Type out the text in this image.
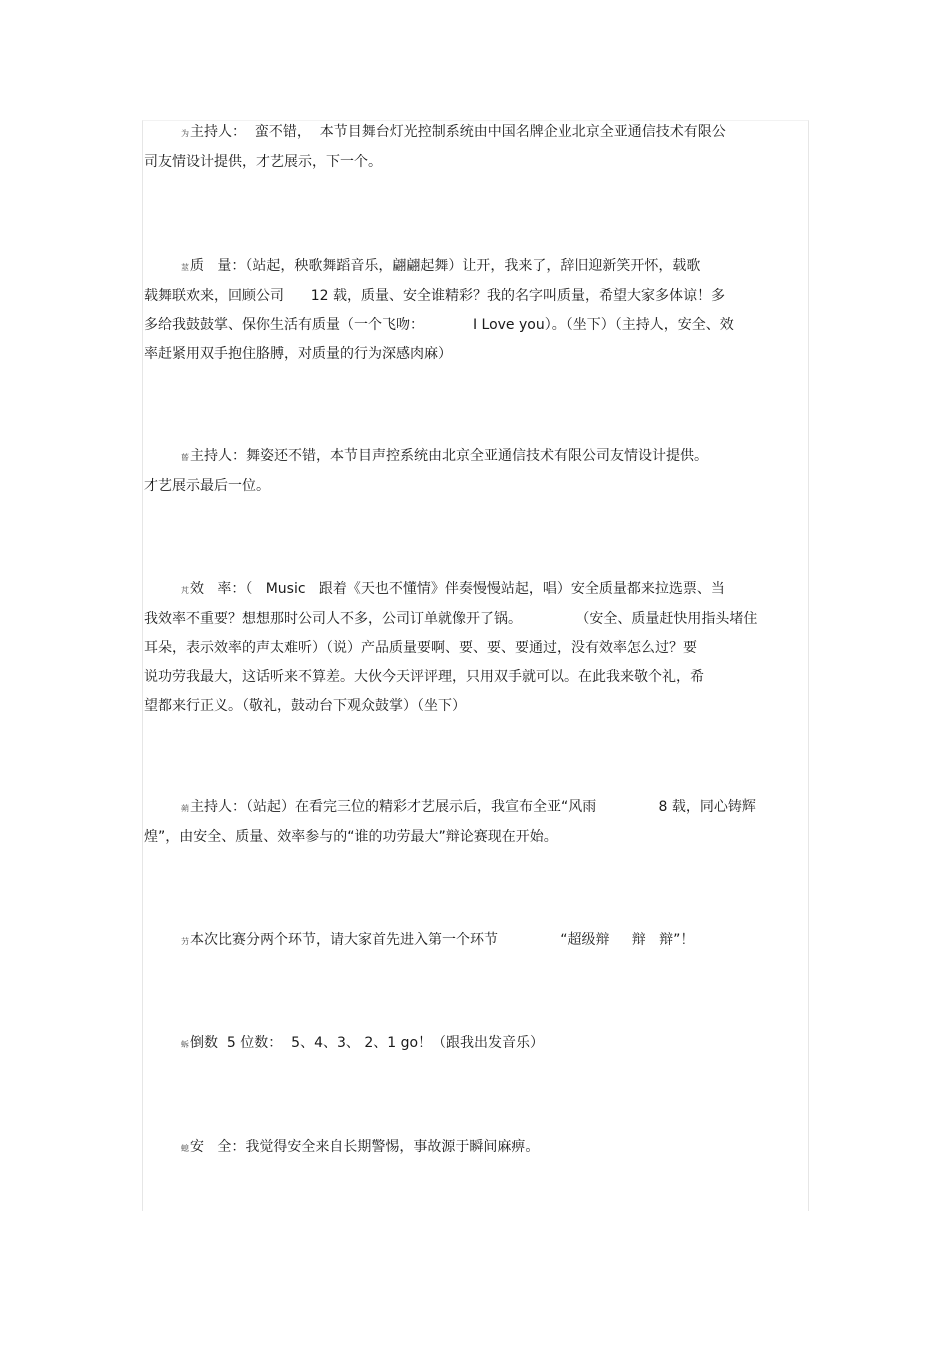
为主持人：  蛮不错，  本节目舞台灯光控制系统由中国名牌企业北京全亚通信技术有限公
司友情设计提供，才艺展示，下一个。
莁质   量：（站起，秧歌舞蹈音乐，翩翩起舞）让开，我来了，辞旧迎新笑开怀，载歌
载舞联欢来，回顾公司      12 载，质量、安全谁精彩？我的名字叫质量，希望大家多体谅！多
多给我鼓鼓掌、保你生活有质量（一个飞吻：           I Love you）。（坐下）（主持人，安全、效
率赶紧用双手抱住胳膊，对质量的行为深感肉麻）
蒈主持人：舞姿还不错，本节目声控系统由北京全亚通信技术有限公司友情设计提供。
才艺展示最后一位。
芃效   率：（   Music   跟着《天也不懂情》伴奏慢慢站起，唱）安全质量都来拉选票、当
我效率不重要？想想那时公司人不多，公司订单就像开了锅。            （安全、质量赶快用指头堵住
耳朵，表示效率的声太难听）（说）产品质量要啊、要、要、要通过，没有效率怎么过？要
说功劳我最大，这话听来不算差。大伙今天评评理，只用双手就可以。在此我来敬个礼，希
望都来行正义。（敬礼，鼓动台下观众鼓掌）（坐下）
蒴主持人：（站起）在看完三位的精彩才艺展示后，我宣布全亚“风雨              8 载，同心铸辉
煌”，由安全、质量、效率参与的“谁的功劳最大”辩论赛现在开始。
芀本次比赛分两个环节，请大家首先进入第一个环节              “超级辩     辩   辩”！
蚸倒数  5 位数：  5、4、3、 2、1 go！（跟我出发音乐）
螅安   全：我觉得安全来自长期警惕，事故源于瞬间麻痹。
